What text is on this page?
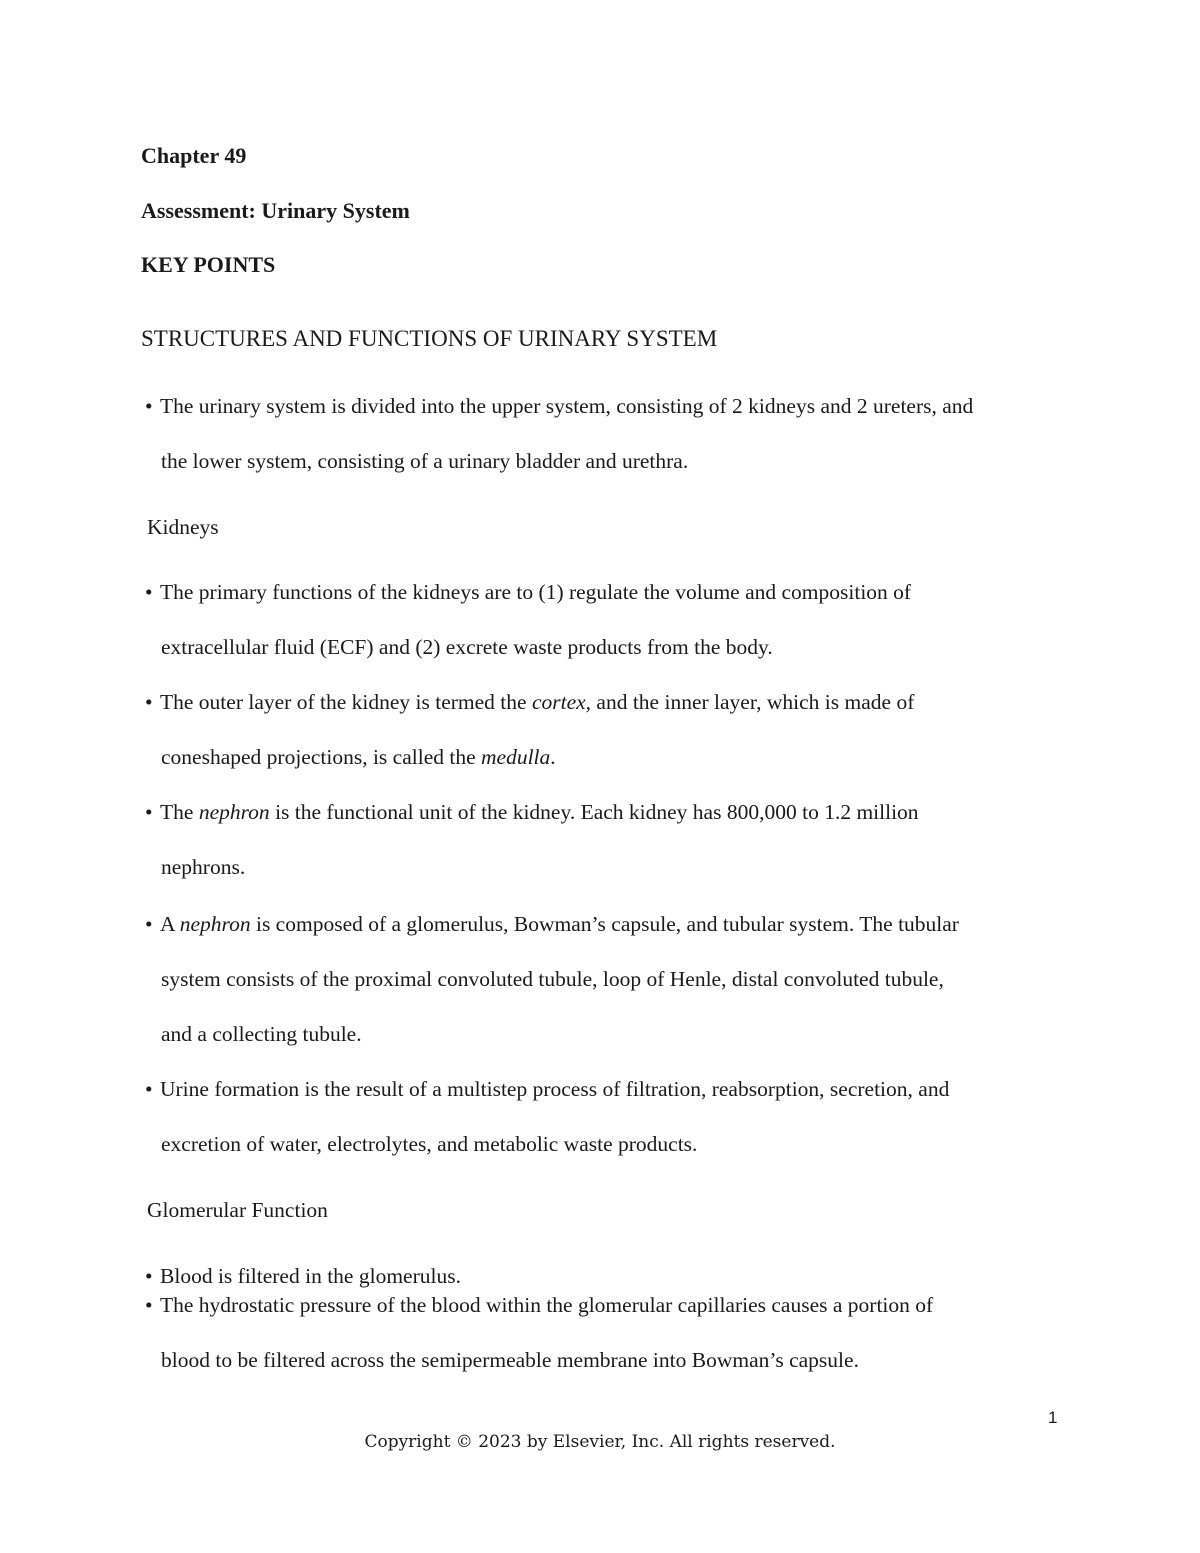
Chapter 49
Assessment: Urinary System
KEY POINTS
STRUCTURES AND FUNCTIONS OF URINARY SYSTEM
• The urinary system is divided into the upper system, consisting of 2 kidneys and 2 ureters, and
the lower system, consisting of a urinary bladder and urethra.
Kidneys
• The primary functions of the kidneys are to (1) regulate the volume and composition of
extracellular fluid (ECF) and (2) excrete waste products from the body.
• The outer layer of the kidney is termed the cortex, and the inner layer, which is made of
coneshaped projections, is called the medulla.
• The nephron is the functional unit of the kidney. Each kidney has 800,000 to 1.2 million
nephrons.
• A nephron is composed of a glomerulus, Bowman’s capsule, and tubular system. The tubular
system consists of the proximal convoluted tubule, loop of Henle, distal convoluted tubule,
and a collecting tubule.
• Urine formation is the result of a multistep process of filtration, reabsorption, secretion, and
excretion of water, electrolytes, and metabolic waste products.
Glomerular Function
• Blood is filtered in the glomerulus.
• The hydrostatic pressure of the blood within the glomerular capillaries causes a portion of
blood to be filtered across the semipermeable membrane into Bowman’s capsule.
1
Copyright © 2023 by Elsevier, Inc. All rights reserved.
